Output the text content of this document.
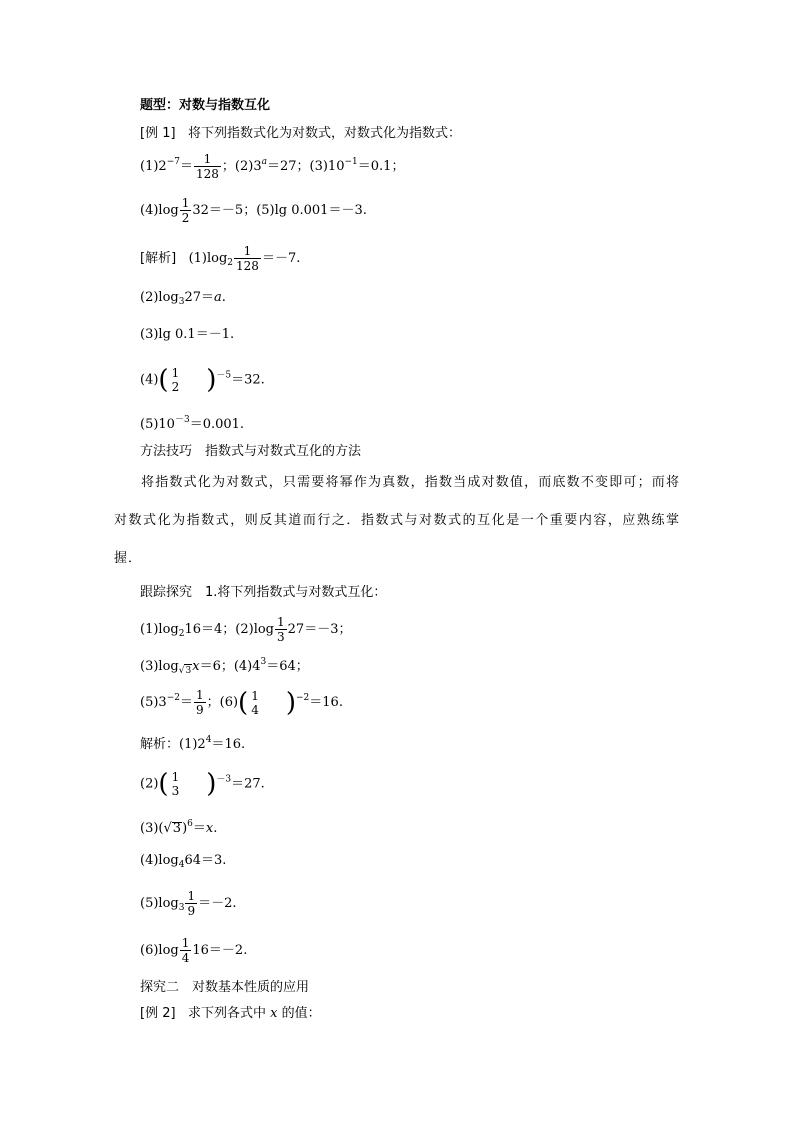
题型：对数与指数互化
[例 1] 将下列指数式化为对数式，对数式化为指数式：
$(1)2^{-7}= \frac{1}{128}$ ；$(2)3^a=27$；$(3)10^{-1}=0.1$；
$(4)\log \frac{1}{2} 32=-5$；(5)lg 0.001＝－3.
[解析] $(1)\log_2 \frac{1}{128} =-7$.
$(2)\log_327=a$.
(3)lg 0.1＝－1.
(4)( 1
2 )$^{-5}$＝32.
$(5)10^{-3}=0.001$.
方法技巧　指数式与对数式互化的方法
将指数式化为对数式，只需要将幂作为真数，指数当成对数值，而底数不变即可；而将对数式化为指数式，则反其道而行之．指数式与对数式的互化是一个重要内容，应熟练掌握．
跟踪探究　1.将下列指数式与对数式互化：
$(1)\log_216=4$；$(2)\log \frac{1}{3} 27=-3$；
$(3)\log_{√3}x=6$；$(4)4^3=64$；
$(5)3^{-2}= \frac{1}{9}$ ；(6)( 1
4 )$^{-2}$＝16.
解析：$(1)2^4=16$.
(2)( 1
3 )$^{-3}$＝27.
$(3)(√3)^6=x$.
$(4)\log_464=3$.
$(5)\log_3 \frac{1}{9} =-2$.
$(6)\log \frac{1}{4} 16=-2$.
探究二　对数基本性质的应用
[例 2] 求下列各式中 x 的值：
